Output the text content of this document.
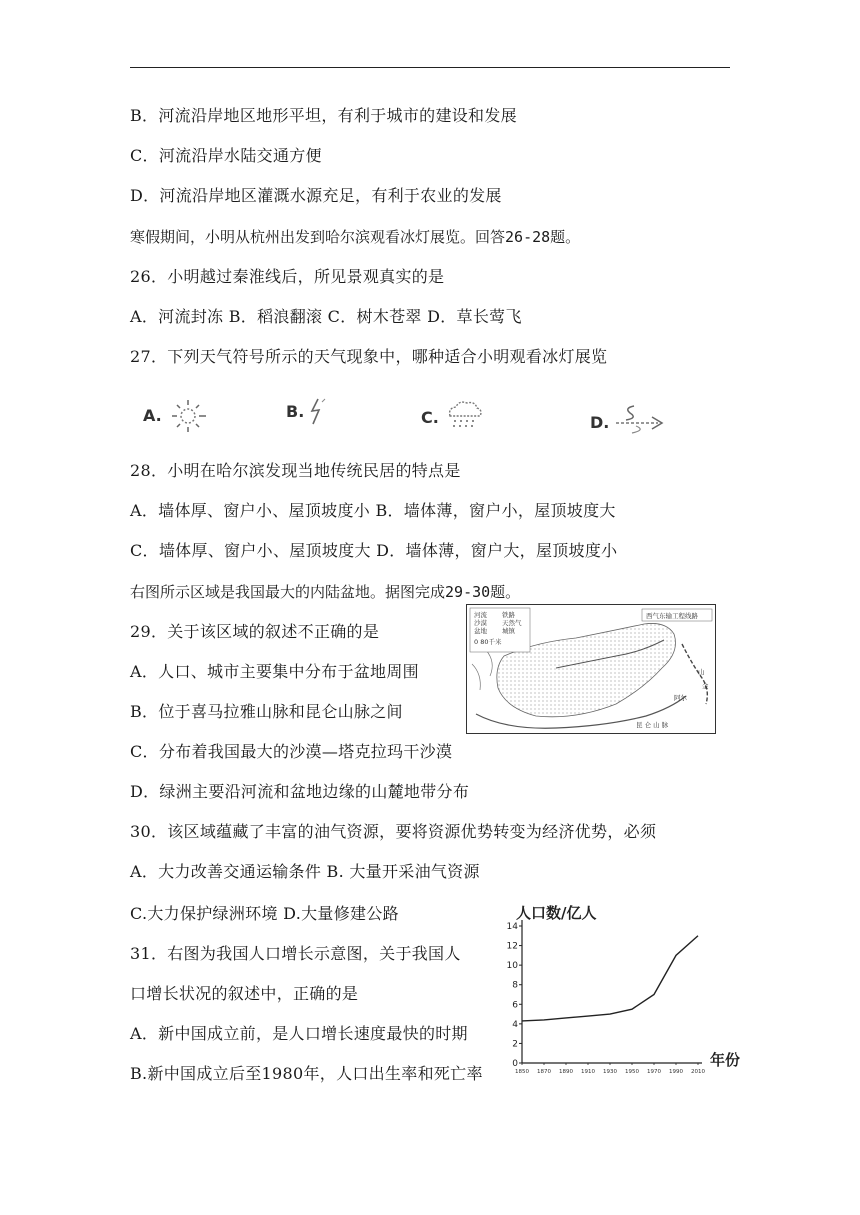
B．河流沿岸地区地形平坦，有利于城市的建设和发展
C．河流沿岸水陆交通方便
D．河流沿岸地区灌溉水源充足，有利于农业的发展
寒假期间，小明从杭州出发到哈尔滨观看冰灯展览。回答26-28题。
26．小明越过秦淮线后，所见景观真实的是
A．河流封冻 B．稻浪翻滚 C．树木苍翠 D．草长莺飞
27．下列天气符号所示的天气现象中，哪种适合小明观看冰灯展览
A.	B.	C.	D.
28．小明在哈尔滨发现当地传统民居的特点是
A．墙体厚、窗户小、屋顶坡度小 B．墙体薄，窗户小，屋顶坡度大
C．墙体厚、窗户小、屋顶坡度大 D．墙体薄，窗户大，屋顶坡度小
右图所示区域是我国最大的内陆盆地。据图完成29-30题。
29．关于该区域的叙述不正确的是
A．人口、城市主要集中分布于盆地周围
B．位于喜马拉雅山脉和昆仑山脉之间
C．分布着我国最大的沙漠—塔克拉玛干沙漠
D．绿洲主要沿河流和盆地边缘的山麓地带分布
30．该区域蕴藏了丰富的油气资源，要将资源优势转变为经济优势，必须
A．大力改善交通运输条件 B. 大量开采油气资源
C.大力保护绿洲环境 D.大量修建公路
31．右图为我国人口增长示意图，关于我国人
口增长状况的叙述中，正确的是
A．新中国成立前，是人口增长速度最快的时期
B.新中国成立后至1980年，人口出生率和死亡率
河流
沙漠
盆地
铁路
天然气
城镇
0 80千米
西气东输工程线路
山
金
阿尔
昆 仑 山 脉
人口数/亿人
年份
0
2
4
6
8
10
12
14
1850 1870 1890 1910 1930 1950 1970 1990 2010
